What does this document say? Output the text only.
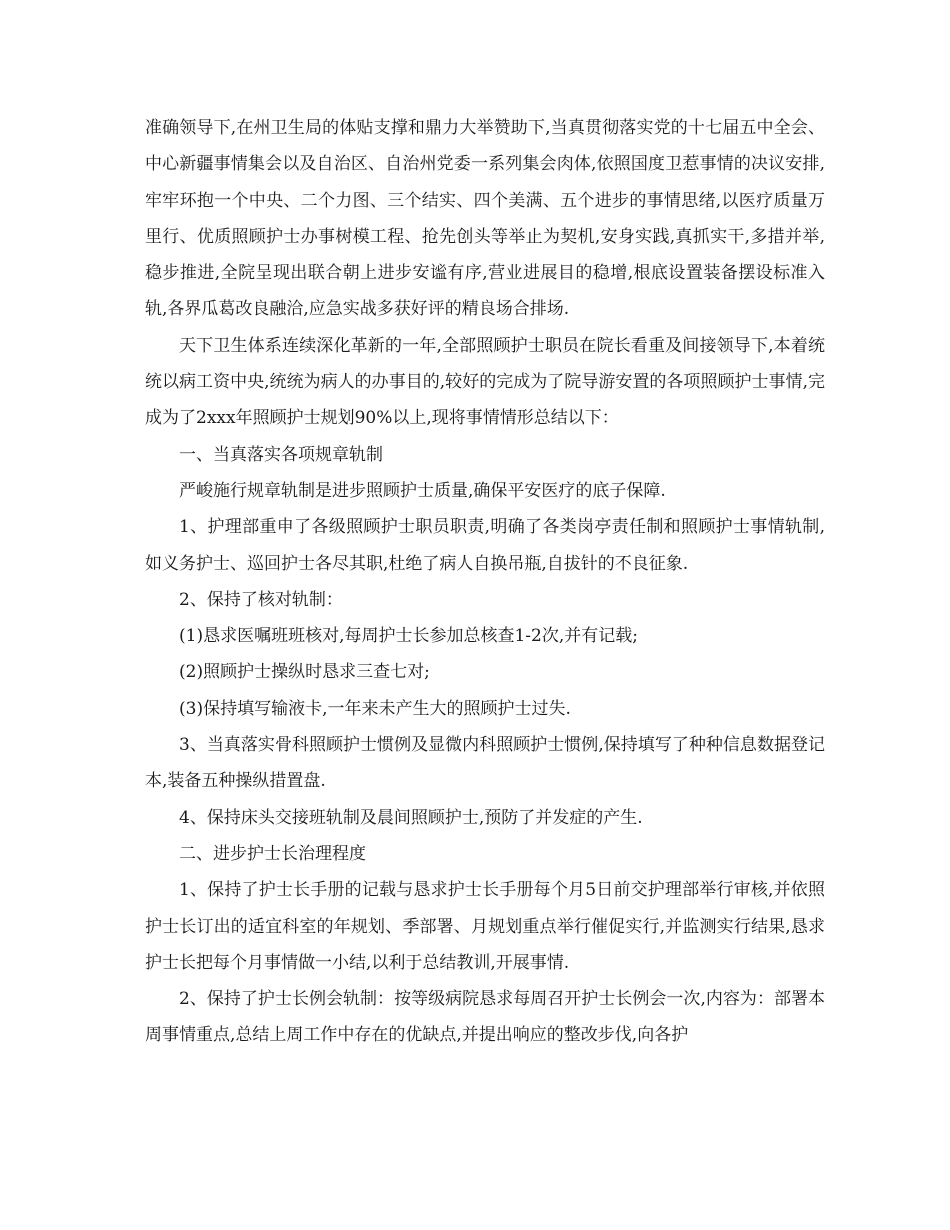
准确领导下,在州卫生局的体贴支撑和鼎力大举赞助下,当真贯彻落实党的十七届五中全会、中心新疆事情集会以及自治区、自治州党委一系列集会肉体,依照国度卫惹事情的决议安排,牢牢环抱一个中央、二个力图、三个结实、四个美满、五个进步的事情思绪,以医疗质量万里行、优质照顾护士办事树模工程、抢先创头等举止为契机,安身实践,真抓实干,多措并举,稳步推进,全院呈现出联合朝上进步安谧有序,营业进展目的稳增,根底设置装备摆设标准入轨,各界瓜葛改良融洽,应急实战多获好评的精良场合排场.

天下卫生体系连续深化革新的一年,全部照顾护士职员在院长看重及间接领导下,本着统统以病工资中央,统统为病人的办事目的,较好的完成为了院导游安置的各项照顾护士事情,完成为了2xxx年照顾护士规划90%以上,现将事情情形总结以下：

一、当真落实各项规章轨制

严峻施行规章轨制是进步照顾护士质量,确保平安医疗的底子保障.

1、护理部重申了各级照顾护士职员职责,明确了各类岗亭责任制和照顾护士事情轨制,如义务护士、巡回护士各尽其职,杜绝了病人自换吊瓶,自拔针的不良征象.

2、保持了核对轨制：

(1)恳求医嘱班班核对,每周护士长参加总核查1-2次,并有记载;

(2)照顾护士操纵时恳求三查七对;

(3)保持填写输液卡,一年来未产生大的照顾护士过失.

3、当真落实骨科照顾护士惯例及显微内科照顾护士惯例,保持填写了种种信息数据登记本,装备五种操纵措置盘.

4、保持床头交接班轨制及晨间照顾护士,预防了并发症的产生.

二、进步护士长治理程度

1、保持了护士长手册的记载与恳求护士长手册每个月5日前交护理部举行审核,并依照护士长订出的适宜科室的年规划、季部署、月规划重点举行催促实行,并监测实行结果,恳求护士长把每个月事情做一小结,以利于总结教训,开展事情.

2、保持了护士长例会轨制：按等级病院恳求每周召开护士长例会一次,内容为：部署本周事情重点,总结上周工作中存在的优缺点,并提出响应的整改步伐,向各护
